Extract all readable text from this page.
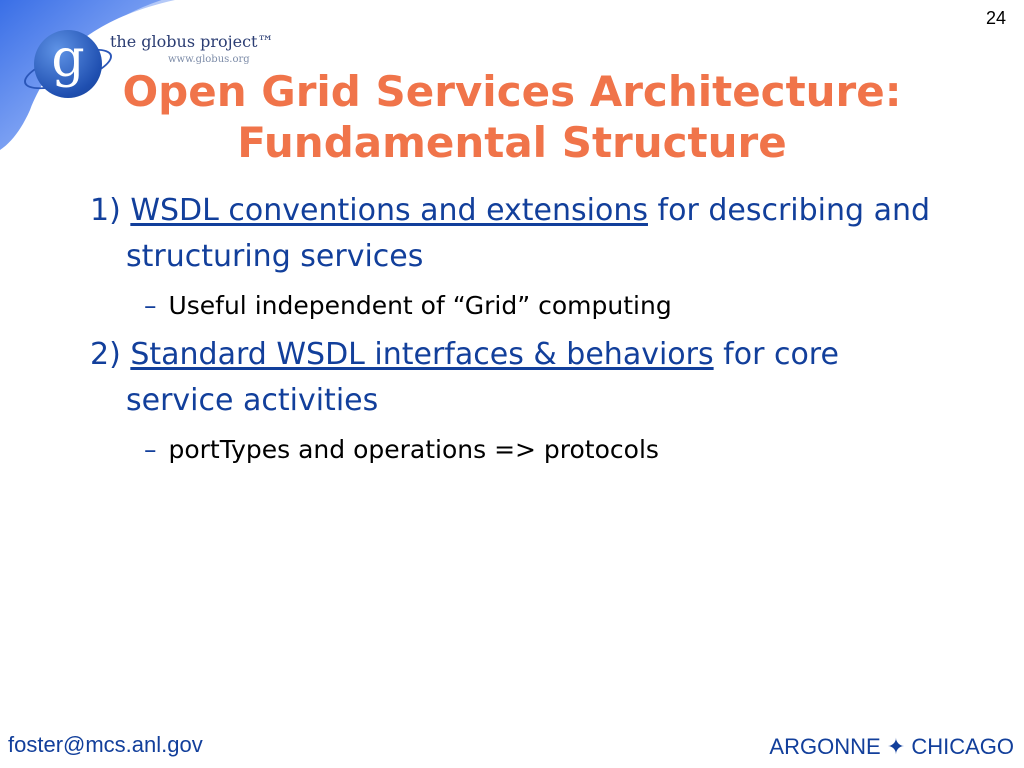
g	the globus project™
www.globus.org
24
Open Grid Services Architecture:
Fundamental Structure

1) WSDL conventions and extensions for describing and structuring services

– Useful independent of “Grid” computing

2) Standard WSDL interfaces & behaviors for core service activities

– portTypes and operations => protocols

foster@mcs.anl.gov	ARGONNE ✦ CHICAGO
